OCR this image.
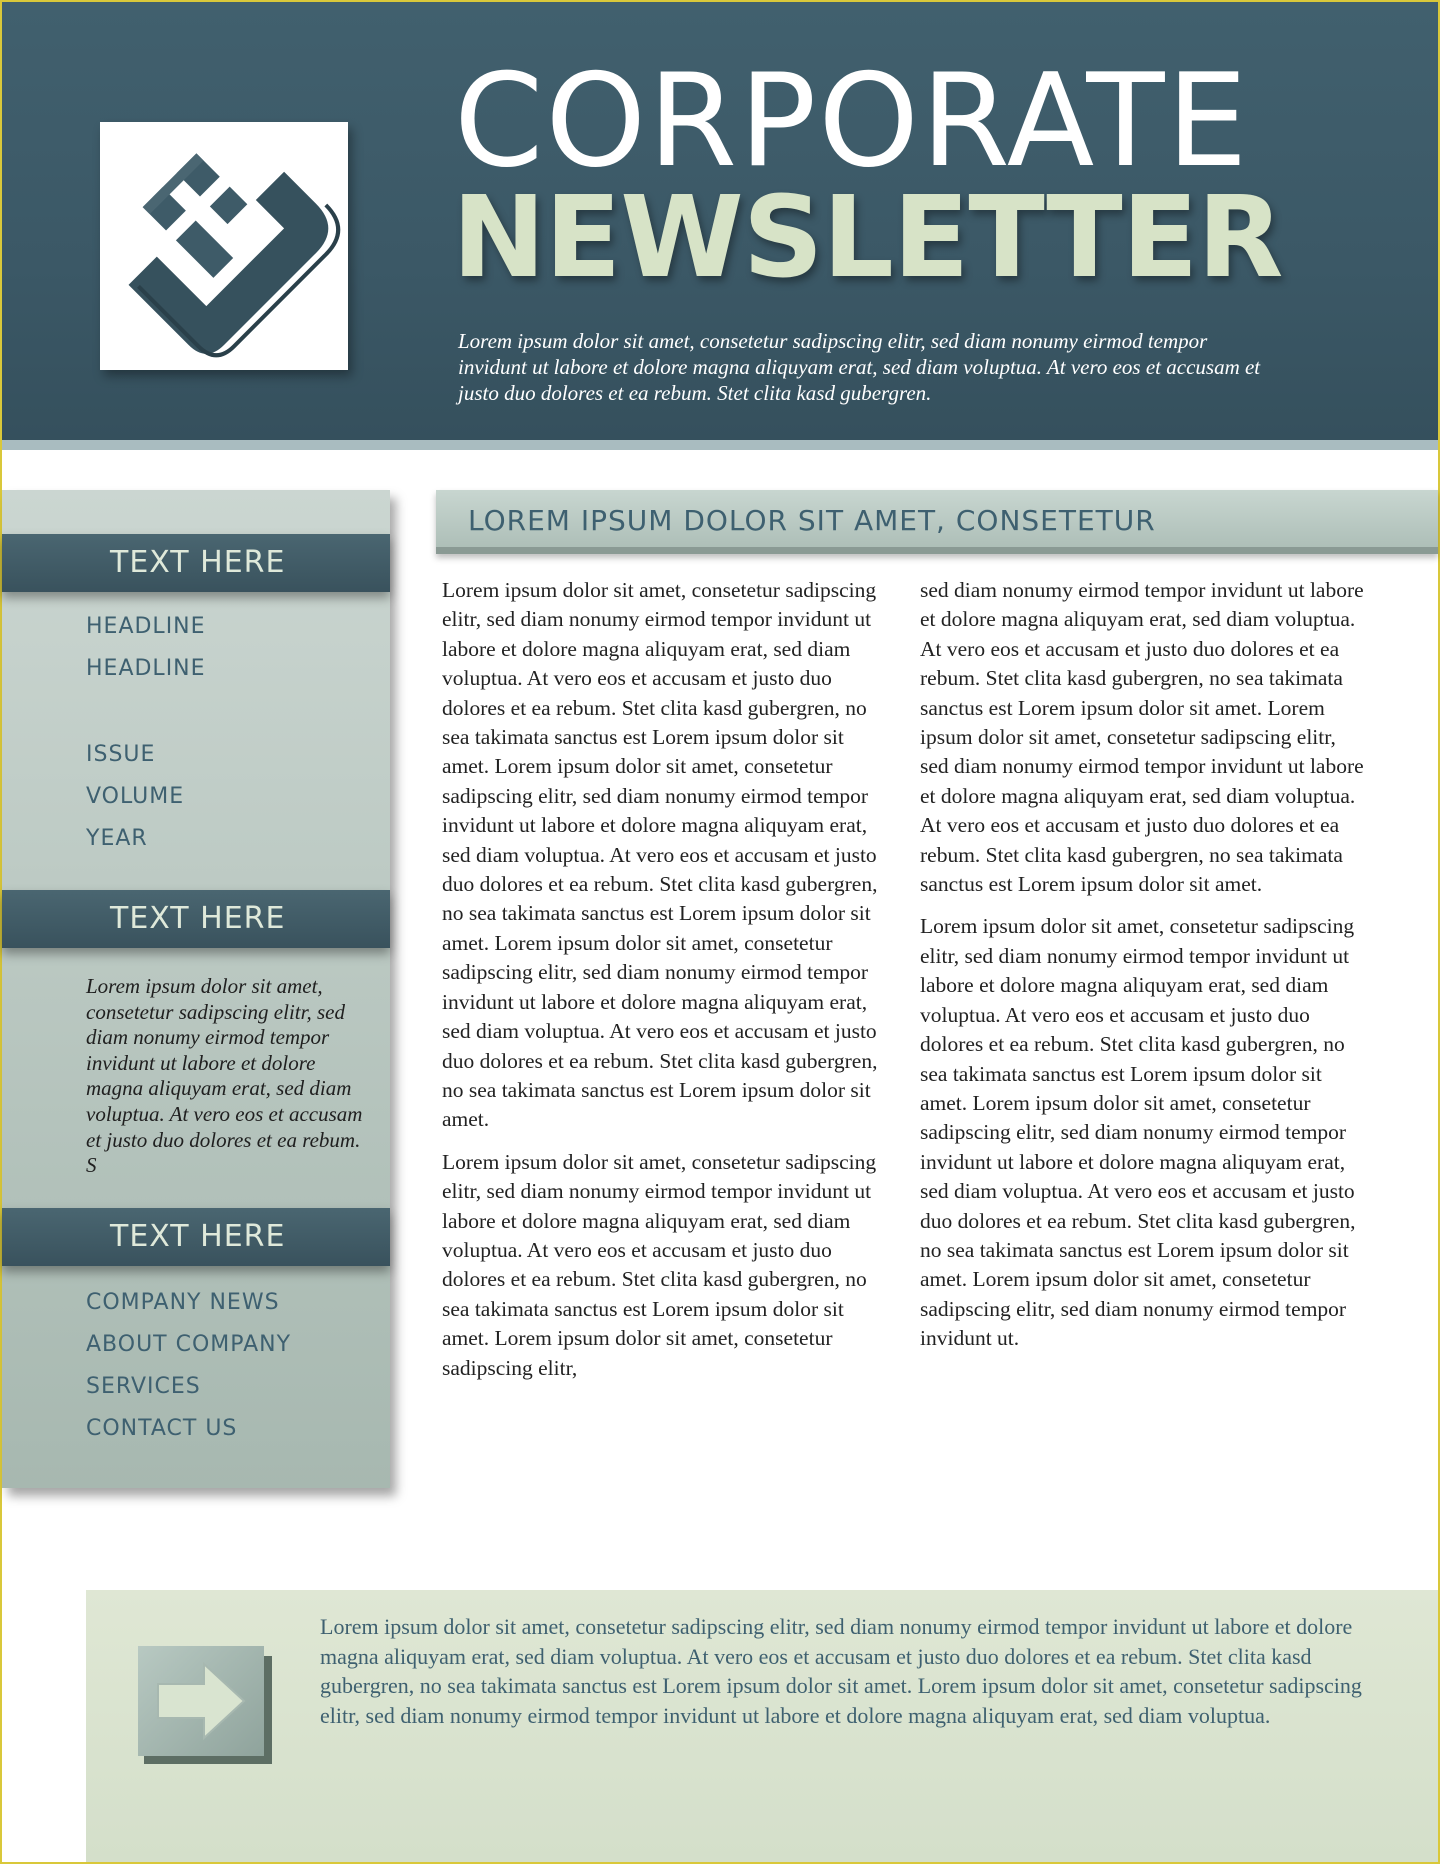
CORPORATE
NEWSLETTER
Lorem ipsum dolor sit amet, consetetur sadipscing elitr, sed diam nonumy eirmod tempor invidunt ut labore et dolore magna aliquyam erat, sed diam voluptua. At vero eos et accusam et justo duo dolores et ea rebum. Stet clita kasd gubergren.
TEXT HERE
HEADLINE
HEADLINE
ISSUE
VOLUME
YEAR
TEXT HERE
Lorem ipsum dolor sit amet, consetetur sadipscing elitr, sed diam nonumy eirmod tempor invidunt ut labore et dolore magna aliquyam erat, sed diam voluptua. At vero eos et accusam et justo duo dolores et ea rebum. S
TEXT HERE
COMPANY NEWS
ABOUT COMPANY
SERVICES
CONTACT US
LOREM IPSUM DOLOR SIT AMET, CONSETETUR

Lorem ipsum dolor sit amet, consetetur sadipscing elitr, sed diam nonumy eirmod tempor invidunt ut labore et dolore magna aliquyam erat, sed diam voluptua. At vero eos et accusam et justo duo dolores et ea rebum. Stet clita kasd gubergren, no sea takimata sanctus est Lorem ipsum dolor sit amet. Lorem ipsum dolor sit amet, consetetur sadipscing elitr, sed diam nonumy eirmod tempor invidunt ut labore et dolore magna aliquyam erat, sed diam voluptua. At vero eos et accusam et justo duo dolores et ea rebum. Stet clita kasd gubergren, no sea takimata sanctus est Lorem ipsum dolor sit amet. Lorem ipsum dolor sit amet, consetetur sadipscing elitr, sed diam nonumy eirmod tempor invidunt ut labore et dolore magna aliquyam erat, sed diam voluptua. At vero eos et accusam et justo duo dolores et ea rebum. Stet clita kasd gubergren, no sea takimata sanctus est Lorem ipsum dolor sit amet.

Lorem ipsum dolor sit amet, consetetur sadipscing elitr, sed diam nonumy eirmod tempor invidunt ut labore et dolore magna aliquyam erat, sed diam voluptua. At vero eos et accusam et justo duo dolores et ea rebum. Stet clita kasd gubergren, no sea takimata sanctus est Lorem ipsum dolor sit amet. Lorem ipsum dolor sit amet, consetetur sadipscing elitr,

sed diam nonumy eirmod tempor invidunt ut labore et dolore magna aliquyam erat, sed diam voluptua. At vero eos et accusam et justo duo dolores et ea rebum. Stet clita kasd gubergren, no sea takimata sanctus est Lorem ipsum dolor sit amet. Lorem ipsum dolor sit amet, consetetur sadipscing elitr, sed diam nonumy eirmod tempor invidunt ut labore et dolore magna aliquyam erat, sed diam voluptua. At vero eos et accusam et justo duo dolores et ea rebum. Stet clita kasd gubergren, no sea takimata sanctus est Lorem ipsum dolor sit amet.

Lorem ipsum dolor sit amet, consetetur sadipscing elitr, sed diam nonumy eirmod tempor invidunt ut labore et dolore magna aliquyam erat, sed diam voluptua. At vero eos et accusam et justo duo dolores et ea rebum. Stet clita kasd gubergren, no sea takimata sanctus est Lorem ipsum dolor sit amet. Lorem ipsum dolor sit amet, consetetur sadipscing elitr, sed diam nonumy eirmod tempor invidunt ut labore et dolore magna aliquyam erat, sed diam voluptua. At vero eos et accusam et justo duo dolores et ea rebum. Stet clita kasd gubergren, no sea takimata sanctus est Lorem ipsum dolor sit amet. Lorem ipsum dolor sit amet, consetetur sadipscing elitr, sed diam nonumy eirmod tempor invidunt ut.

Lorem ipsum dolor sit amet, consetetur sadipscing elitr, sed diam nonumy eirmod tempor invidunt ut labore et dolore magna aliquyam erat, sed diam voluptua. At vero eos et accusam et justo duo dolores et ea rebum. Stet clita kasd gubergren, no sea takimata sanctus est Lorem ipsum dolor sit amet. Lorem ipsum dolor sit amet, consetetur sadipscing elitr, sed diam nonumy eirmod tempor invidunt ut labore et dolore magna aliquyam erat, sed diam voluptua.
